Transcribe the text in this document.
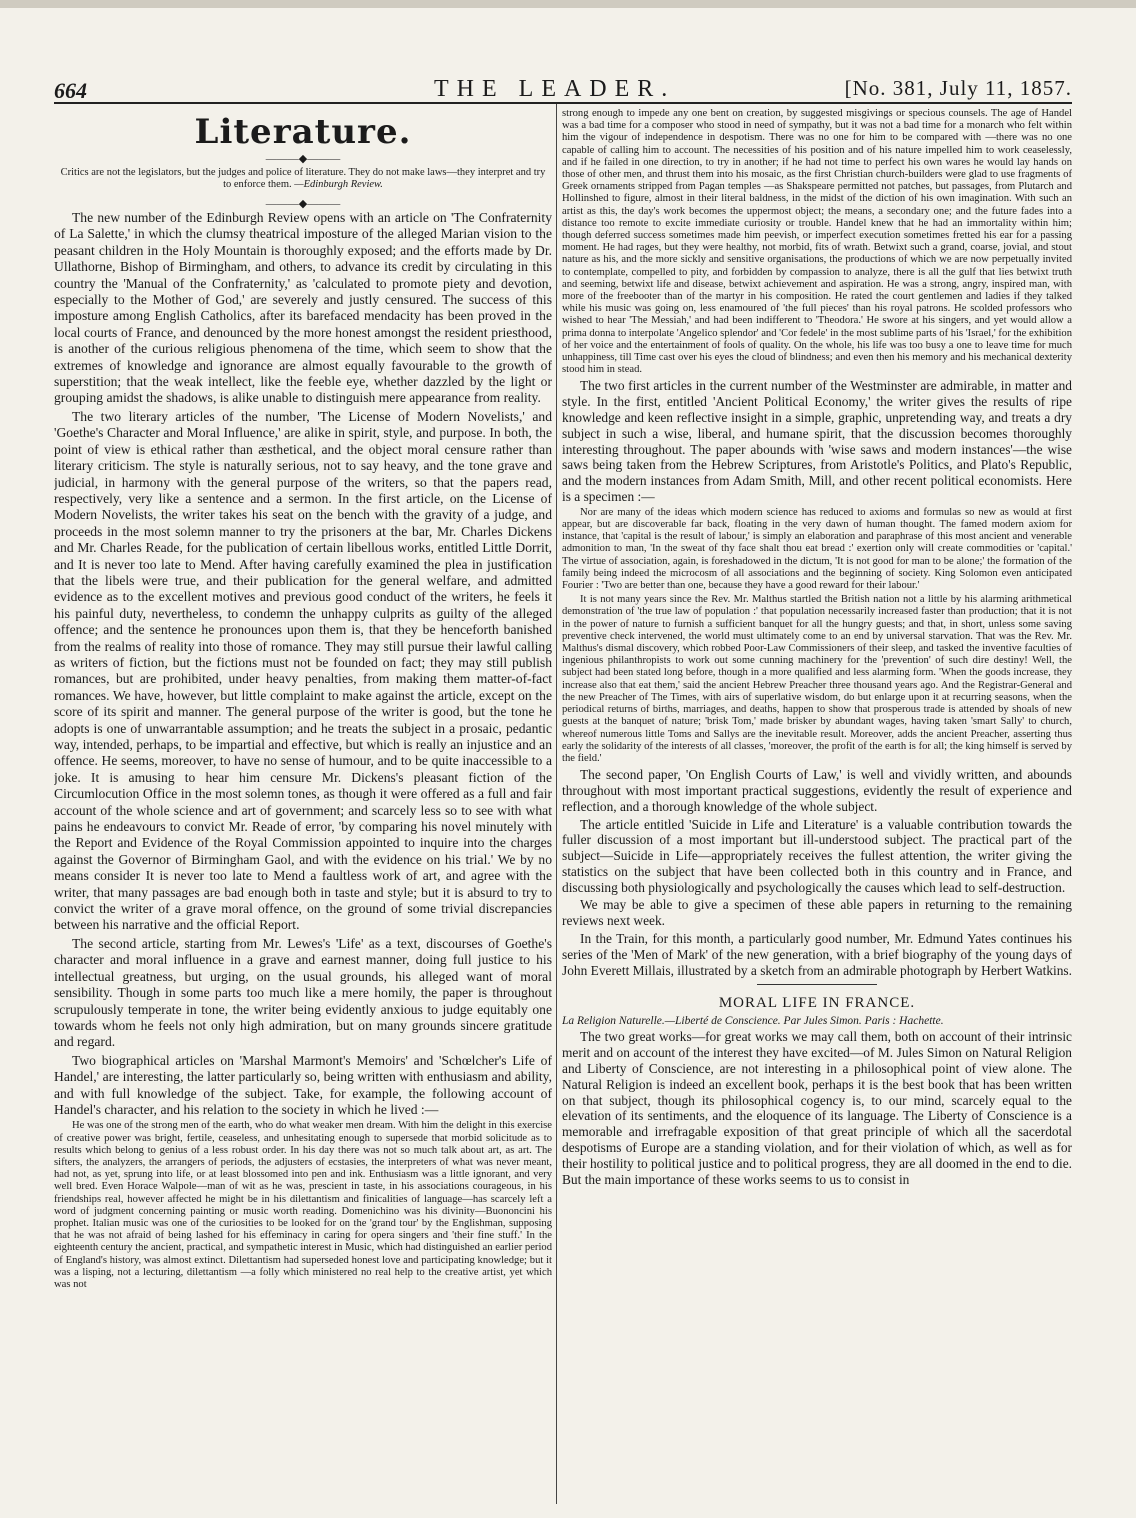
664	THE LEADER.	[No. 381, July 11, 1857.
Literature.
———◆———
Critics are not the legislators, but the judges and police of literature. They do not make laws—they interpret and try to enforce them. —Edinburgh Review.
———◆———

The new number of the Edinburgh Review opens with an article on 'The Confraternity of La Salette,' in which the clumsy theatrical imposture of the alleged Marian vision to the peasant children in the Holy Mountain is thoroughly exposed; and the efforts made by Dr. Ullathorne, Bishop of Birmingham, and others, to advance its credit by circulating in this country the 'Manual of the Confraternity,' as 'calculated to promote piety and devotion, especially to the Mother of God,' are severely and justly censured. The success of this imposture among English Catholics, after its barefaced mendacity has been proved in the local courts of France, and denounced by the more honest amongst the resident priesthood, is another of the curious religious phenomena of the time, which seem to show that the extremes of knowledge and ignorance are almost equally favourable to the growth of superstition; that the weak intellect, like the feeble eye, whether dazzled by the light or grouping amidst the shadows, is alike unable to distinguish mere appearance from reality.

The two literary articles of the number, 'The License of Modern Novelists,' and 'Goethe's Character and Moral Influence,' are alike in spirit, style, and purpose. In both, the point of view is ethical rather than æsthetical, and the object moral censure rather than literary criticism. The style is naturally serious, not to say heavy, and the tone grave and judicial, in harmony with the general purpose of the writers, so that the papers read, respectively, very like a sentence and a sermon. In the first article, on the License of Modern Novelists, the writer takes his seat on the bench with the gravity of a judge, and proceeds in the most solemn manner to try the prisoners at the bar, Mr. Charles Dickens and Mr. Charles Reade, for the publication of certain libellous works, entitled Little Dorrit, and It is never too late to Mend. After having carefully examined the plea in justification that the libels were true, and their publication for the general welfare, and admitted evidence as to the excellent motives and previous good conduct of the writers, he feels it his painful duty, nevertheless, to condemn the unhappy culprits as guilty of the alleged offence; and the sentence he pronounces upon them is, that they be henceforth banished from the realms of reality into those of romance. They may still pursue their lawful calling as writers of fiction, but the fictions must not be founded on fact; they may still publish romances, but are prohibited, under heavy penalties, from making them matter-of-fact romances. We have, however, but little complaint to make against the article, except on the score of its spirit and manner. The general purpose of the writer is good, but the tone he adopts is one of unwarrantable assumption; and he treats the subject in a prosaic, pedantic way, intended, perhaps, to be impartial and effective, but which is really an injustice and an offence. He seems, moreover, to have no sense of humour, and to be quite inaccessible to a joke. It is amusing to hear him censure Mr. Dickens's pleasant fiction of the Circumlocution Office in the most solemn tones, as though it were offered as a full and fair account of the whole science and art of government; and scarcely less so to see with what pains he endeavours to convict Mr. Reade of error, 'by comparing his novel minutely with the Report and Evidence of the Royal Commission appointed to inquire into the charges against the Governor of Birmingham Gaol, and with the evidence on his trial.' We by no means consider It is never too late to Mend a faultless work of art, and agree with the writer, that many passages are bad enough both in taste and style; but it is absurd to try to convict the writer of a grave moral offence, on the ground of some trivial discrepancies between his narrative and the official Report.

The second article, starting from Mr. Lewes's 'Life' as a text, discourses of Goethe's character and moral influence in a grave and earnest manner, doing full justice to his intellectual greatness, but urging, on the usual grounds, his alleged want of moral sensibility. Though in some parts too much like a mere homily, the paper is throughout scrupulously temperate in tone, the writer being evidently anxious to judge equitably one towards whom he feels not only high admiration, but on many grounds sincere gratitude and regard.

Two biographical articles on 'Marshal Marmont's Memoirs' and 'Schœlcher's Life of Handel,' are interesting, the latter particularly so, being written with enthusiasm and ability, and with full knowledge of the subject. Take, for example, the following account of Handel's character, and his relation to the society in which he lived :—

He was one of the strong men of the earth, who do what weaker men dream. With him the delight in this exercise of creative power was bright, fertile, ceaseless, and unhesitating enough to supersede that morbid solicitude as to results which belong to genius of a less robust order. In his day there was not so much talk about art, as art. The sifters, the analyzers, the arrangers of periods, the adjusters of ecstasies, the interpreters of what was never meant, had not, as yet, sprung into life, or at least blossomed into pen and ink. Enthusiasm was a little ignorant, and very well bred. Even Horace Walpole—man of wit as he was, prescient in taste, in his associations courageous, in his friendships real, however affected he might be in his dilettantism and finicalities of language—has scarcely left a word of judgment concerning painting or music worth reading. Domenichino was his divinity—Buononcini his prophet. Italian music was one of the curiosities to be looked for on the 'grand tour' by the Englishman, supposing that he was not afraid of being lashed for his effeminacy in caring for opera singers and 'their fine stuff.' In the eighteenth century the ancient, practical, and sympathetic interest in Music, which had distinguished an earlier period of England's history, was almost extinct. Dilettantism had superseded honest love and participating knowledge; but it was a lisping, not a lecturing, dilettantism —a folly which ministered no real help to the creative artist, yet which was not

strong enough to impede any one bent on creation, by suggested misgivings or specious counsels. The age of Handel was a bad time for a composer who stood in need of sympathy, but it was not a bad time for a monarch who felt within him the vigour of independence in despotism. There was no one for him to be compared with —there was no one capable of calling him to account. The necessities of his position and of his nature impelled him to work ceaselessly, and if he failed in one direction, to try in another; if he had not time to perfect his own wares he would lay hands on those of other men, and thrust them into his mosaic, as the first Christian church-builders were glad to use fragments of Greek ornaments stripped from Pagan temples —as Shakspeare permitted not patches, but passages, from Plutarch and Hollinshed to figure, almost in their literal baldness, in the midst of the diction of his own imagination. With such an artist as this, the day's work becomes the uppermost object; the means, a secondary one; and the future fades into a distance too remote to excite immediate curiosity or trouble. Handel knew that he had an immortality within him; though deferred success sometimes made him peevish, or imperfect execution sometimes fretted his ear for a passing moment. He had rages, but they were healthy, not morbid, fits of wrath. Betwixt such a grand, coarse, jovial, and stout nature as his, and the more sickly and sensitive organisations, the productions of which we are now perpetually invited to contemplate, compelled to pity, and forbidden by compassion to analyze, there is all the gulf that lies betwixt truth and seeming, betwixt life and disease, betwixt achievement and aspiration. He was a strong, angry, inspired man, with more of the freebooter than of the martyr in his composition. He rated the court gentlemen and ladies if they talked while his music was going on, less enamoured of 'the full pieces' than his royal patrons. He scolded professors who wished to hear 'The Messiah,' and had been indifferent to 'Theodora.' He swore at his singers, and yet would allow a prima donna to interpolate 'Angelico splendor' and 'Cor fedele' in the most sublime parts of his 'Israel,' for the exhibition of her voice and the entertainment of fools of quality. On the whole, his life was too busy a one to leave time for much unhappiness, till Time cast over his eyes the cloud of blindness; and even then his memory and his mechanical dexterity stood him in stead.

The two first articles in the current number of the Westminster are admirable, in matter and style. In the first, entitled 'Ancient Political Economy,' the writer gives the results of ripe knowledge and keen reflective insight in a simple, graphic, unpretending way, and treats a dry subject in such a wise, liberal, and humane spirit, that the discussion becomes thoroughly interesting throughout. The paper abounds with 'wise saws and modern instances'—the wise saws being taken from the Hebrew Scriptures, from Aristotle's Politics, and Plato's Republic, and the modern instances from Adam Smith, Mill, and other recent political economists. Here is a specimen :—

Nor are many of the ideas which modern science has reduced to axioms and formulas so new as would at first appear, but are discoverable far back, floating in the very dawn of human thought. The famed modern axiom for instance, that 'capital is the result of labour,' is simply an elaboration and paraphrase of this most ancient and venerable admonition to man, 'In the sweat of thy face shalt thou eat bread :' exertion only will create commodities or 'capital.' The virtue of association, again, is foreshadowed in the dictum, 'It is not good for man to be alone;' the formation of the family being indeed the microcosm of all associations and the beginning of society. King Solomon even anticipated Fourier : 'Two are better than one, because they have a good reward for their labour.'

It is not many years since the Rev. Mr. Malthus startled the British nation not a little by his alarming arithmetical demonstration of 'the true law of population :' that population necessarily increased faster than production; that it is not in the power of nature to furnish a sufficient banquet for all the hungry guests; and that, in short, unless some saving preventive check intervened, the world must ultimately come to an end by universal starvation. That was the Rev. Mr. Malthus's dismal discovery, which robbed Poor-Law Commissioners of their sleep, and tasked the inventive faculties of ingenious philanthropists to work out some cunning machinery for the 'prevention' of such dire destiny! Well, the subject had been stated long before, though in a more qualified and less alarming form. 'When the goods increase, they increase also that eat them,' said the ancient Hebrew Preacher three thousand years ago. And the Registrar-General and the new Preacher of The Times, with airs of superlative wisdom, do but enlarge upon it at recurring seasons, when the periodical returns of births, marriages, and deaths, happen to show that prosperous trade is attended by shoals of new guests at the banquet of nature; 'brisk Tom,' made brisker by abundant wages, having taken 'smart Sally' to church, whereof numerous little Toms and Sallys are the inevitable result. Moreover, adds the ancient Preacher, asserting thus early the solidarity of the interests of all classes, 'moreover, the profit of the earth is for all; the king himself is served by the field.'

The second paper, 'On English Courts of Law,' is well and vividly written, and abounds throughout with most important practical suggestions, evidently the result of experience and reflection, and a thorough knowledge of the whole subject.

The article entitled 'Suicide in Life and Literature' is a valuable contribution towards the fuller discussion of a most important but ill-understood subject. The practical part of the subject—Suicide in Life—appropriately receives the fullest attention, the writer giving the statistics on the subject that have been collected both in this country and in France, and discussing both physiologically and psychologically the causes which lead to self-destruction.

We may be able to give a specimen of these able papers in returning to the remaining reviews next week.

In the Train, for this month, a particularly good number, Mr. Edmund Yates continues his series of the 'Men of Mark' of the new generation, with a brief biography of the young days of John Everett Millais, illustrated by a sketch from an admirable photograph by Herbert Watkins.

MORAL LIFE IN FRANCE.

La Religion Naturelle.—Liberté de Conscience. Par Jules Simon. Paris : Hachette.

The two great works—for great works we may call them, both on account of their intrinsic merit and on account of the interest they have excited—of M. Jules Simon on Natural Religion and Liberty of Conscience, are not interesting in a philosophical point of view alone. The Natural Religion is indeed an excellent book, perhaps it is the best book that has been written on that subject, though its philosophical cogency is, to our mind, scarcely equal to the elevation of its sentiments, and the eloquence of its language. The Liberty of Conscience is a memorable and irrefragable exposition of that great principle of which all the sacerdotal despotisms of Europe are a standing violation, and for their violation of which, as well as for their hostility to political justice and to political progress, they are all doomed in the end to die. But the main importance of these works seems to us to consist in
